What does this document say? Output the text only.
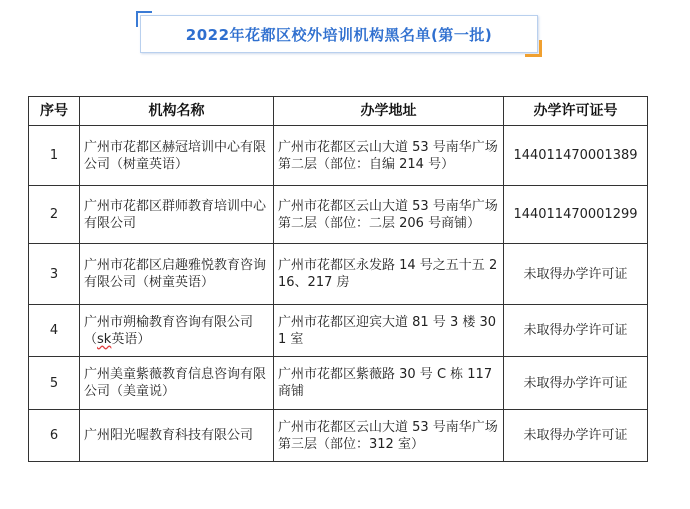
2022年花都区校外培训机构黑名单(第一批)
序号	机构名称	办学地址	办学许可证号
1	广州市花都区赫冠培训中心有限公司（树童英语）	广州市花都区云山大道 53 号南华广场第二层（部位：自编 214 号）	144011470001389
2	广州市花都区群师教育培训中心有限公司	广州市花都区云山大道 53 号南华广场第二层（部位：二层 206 号商铺）	144011470001299
3	广州市花都区启趣雅悦教育咨询有限公司（树童英语）	广州市花都区永发路 14 号之五十五 216、217 房	未取得办学许可证
4	广州市朔榆教育咨询有限公司（sk英语）	广州市花都区迎宾大道 81 号 3 楼 301 室	未取得办学许可证
5	广州美童紫薇教育信息咨询有限公司（美童说）	广州市花都区紫薇路 30 号 C 栋 117 商铺	未取得办学许可证
6	广州阳光喔教育科技有限公司	广州市花都区云山大道 53 号南华广场第三层（部位：312 室）	未取得办学许可证
